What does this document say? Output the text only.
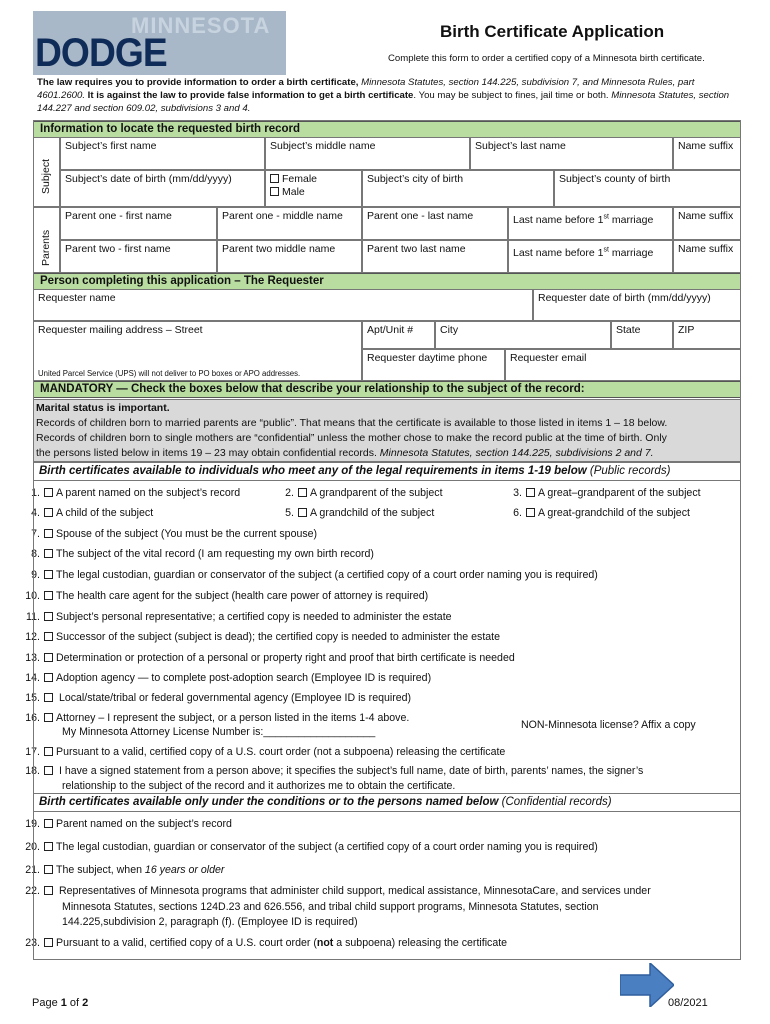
MINNESOTA
DODGE	Birth Certificate Application
Complete this form to order a certified copy of a Minnesota birth certificate.
The law requires you to provide information to order a birth certificate, Minnesota Statutes, section 144.225, subdivision 7, and Minnesota Rules, part 4601.2600. It is against the law to provide false information to get a birth certificate. You may be subject to fines, jail time or both. Minnesota Statutes, section 144.227 and section 609.02, subdivisions 3 and 4.
Information to locate the requested birth record
Subject
Parents
Subject’s first name	Subject’s middle name	Subject’s last name	Name suffix
Subject’s date of birth (mm/dd/yyyy)	Female
Male
Subject’s city of birth	Subject’s county of birth
Parent one - first name	Parent one - middle name	Parent one - last name	Last name before 1st marriage	Name suffix
Parent two - first name	Parent two middle name	Parent two last name	Last name before 1st marriage	Name suffix
Person completing this application – The Requester
Requester name	Requester date of birth (mm/dd/yyyy)
Requester mailing address – Street
United Parcel Service (UPS) will not deliver to PO boxes or APO addresses.
Apt/Unit #	City	State	ZIP
Requester daytime phone	Requester email
MANDATORY — Check the boxes below that describe your relationship to the subject of the record:
Marital status is important.
Records of children born to married parents are “public”. That means that the certificate is available to those listed in items 1 – 18 below.
Records of children born to single mothers are “confidential” unless the mother chose to make the record public at the time of birth. Only
the persons listed below in items 19 – 23 may obtain confidential records. Minnesota Statutes, section 144.225, subdivisions 2 and 7.
Birth certificates available to individuals who meet any of the legal requirements in items 1-19 below (Public records)
1. A parent named on the subject’s record	2. A grandparent of the subject	3. A great–grandparent of the subject
4. A child of the subject	5. A grandchild of the subject	6. A great-grandchild of the subject
7. Spouse of the subject (You must be the current spouse)
8. The subject of the vital record (I am requesting my own birth record)
9. The legal custodian, guardian or conservator of the subject (a certified copy of a court order naming you is required)
10. The health care agent for the subject (health care power of attorney is required)
11. Subject’s personal representative; a certified copy is needed to administer the estate
12. Successor of the subject (subject is dead); the certified copy is needed to administer the estate
13. Determination or protection of a personal or property right and proof that birth certificate is needed
14. Adoption agency — to complete post-adoption search (Employee ID is required)
15. Local/state/tribal or federal governmental agency (Employee ID is required)
16. Attorney – I represent the subject, or a person listed in the items 1-4 above.
My Minnesota Attorney License Number is:___________________
NON-Minnesota license? Affix a copy
17. Pursuant to a valid, certified copy of a U.S. court order (not a subpoena) releasing the certificate
18. I have a signed statement from a person above; it specifies the subject’s full name, date of birth, parents’ names, the signer’s
relationship to the subject of the record and it authorizes me to obtain the certificate.
Birth certificates available only under the conditions or to the persons named below (Confidential records)
19. Parent named on the subject’s record
20. The legal custodian, guardian or conservator of the subject (a certified copy of a court order naming you is required)
21. The subject, when 16 years or older
22. Representatives of Minnesota programs that administer child support, medical assistance, MinnesotaCare, and services under
Minnesota Statutes, sections 124D.23 and 626.556, and tribal child support programs, Minnesota Statutes, section
144.225,subdivision 2, paragraph (f). (Employee ID is required)
23. Pursuant to a valid, certified copy of a U.S. court order (not a subpoena) releasing the certificate
Page 1 of 2	08/2021
